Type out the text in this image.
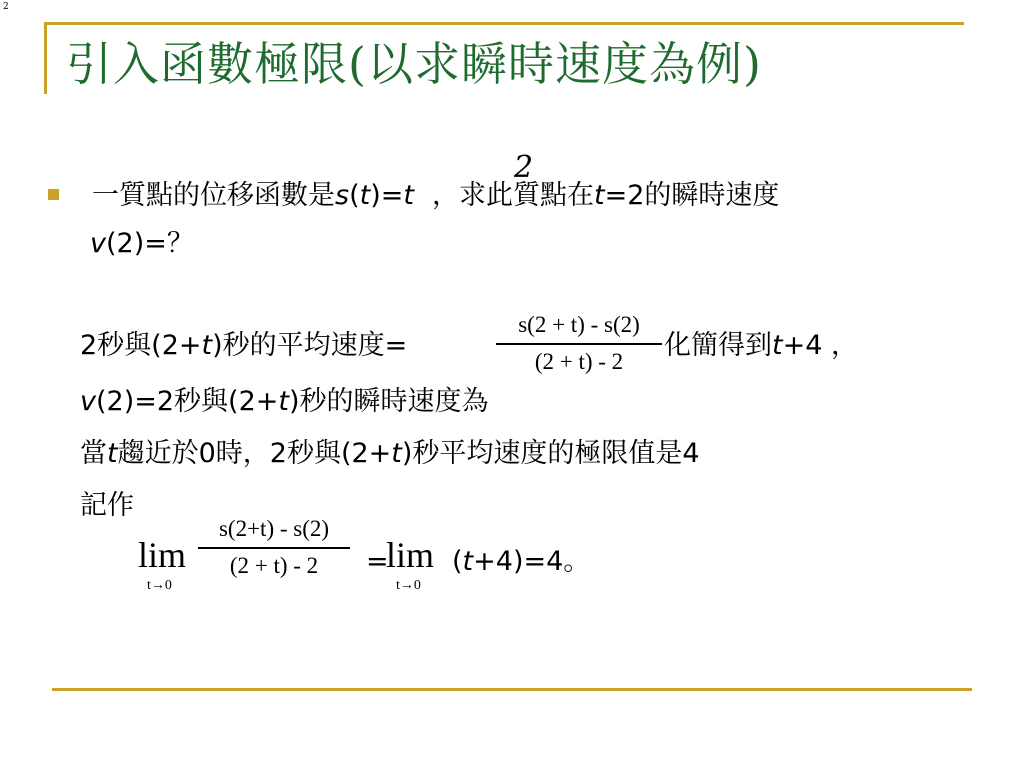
2
引入函數極限(以求瞬時速度為例)
一質點的位移函數是s(t)=t ，求此質點在t=2的瞬時速度
2
v(2)=？
2秒與(2+t)秒的平均速度=
s(2 + t) - s(2)
(2 + t) - 2	化簡得到t+4 ，
v(2)=2秒與(2+t)秒的瞬時速度為
當t趨近於0時，2秒與(2+t)秒平均速度的極限值是4
記作
lim
t→0
s(2+t) - s(2)
(2 + t) - 2	=
lim
t→0
(t+4)=4。
